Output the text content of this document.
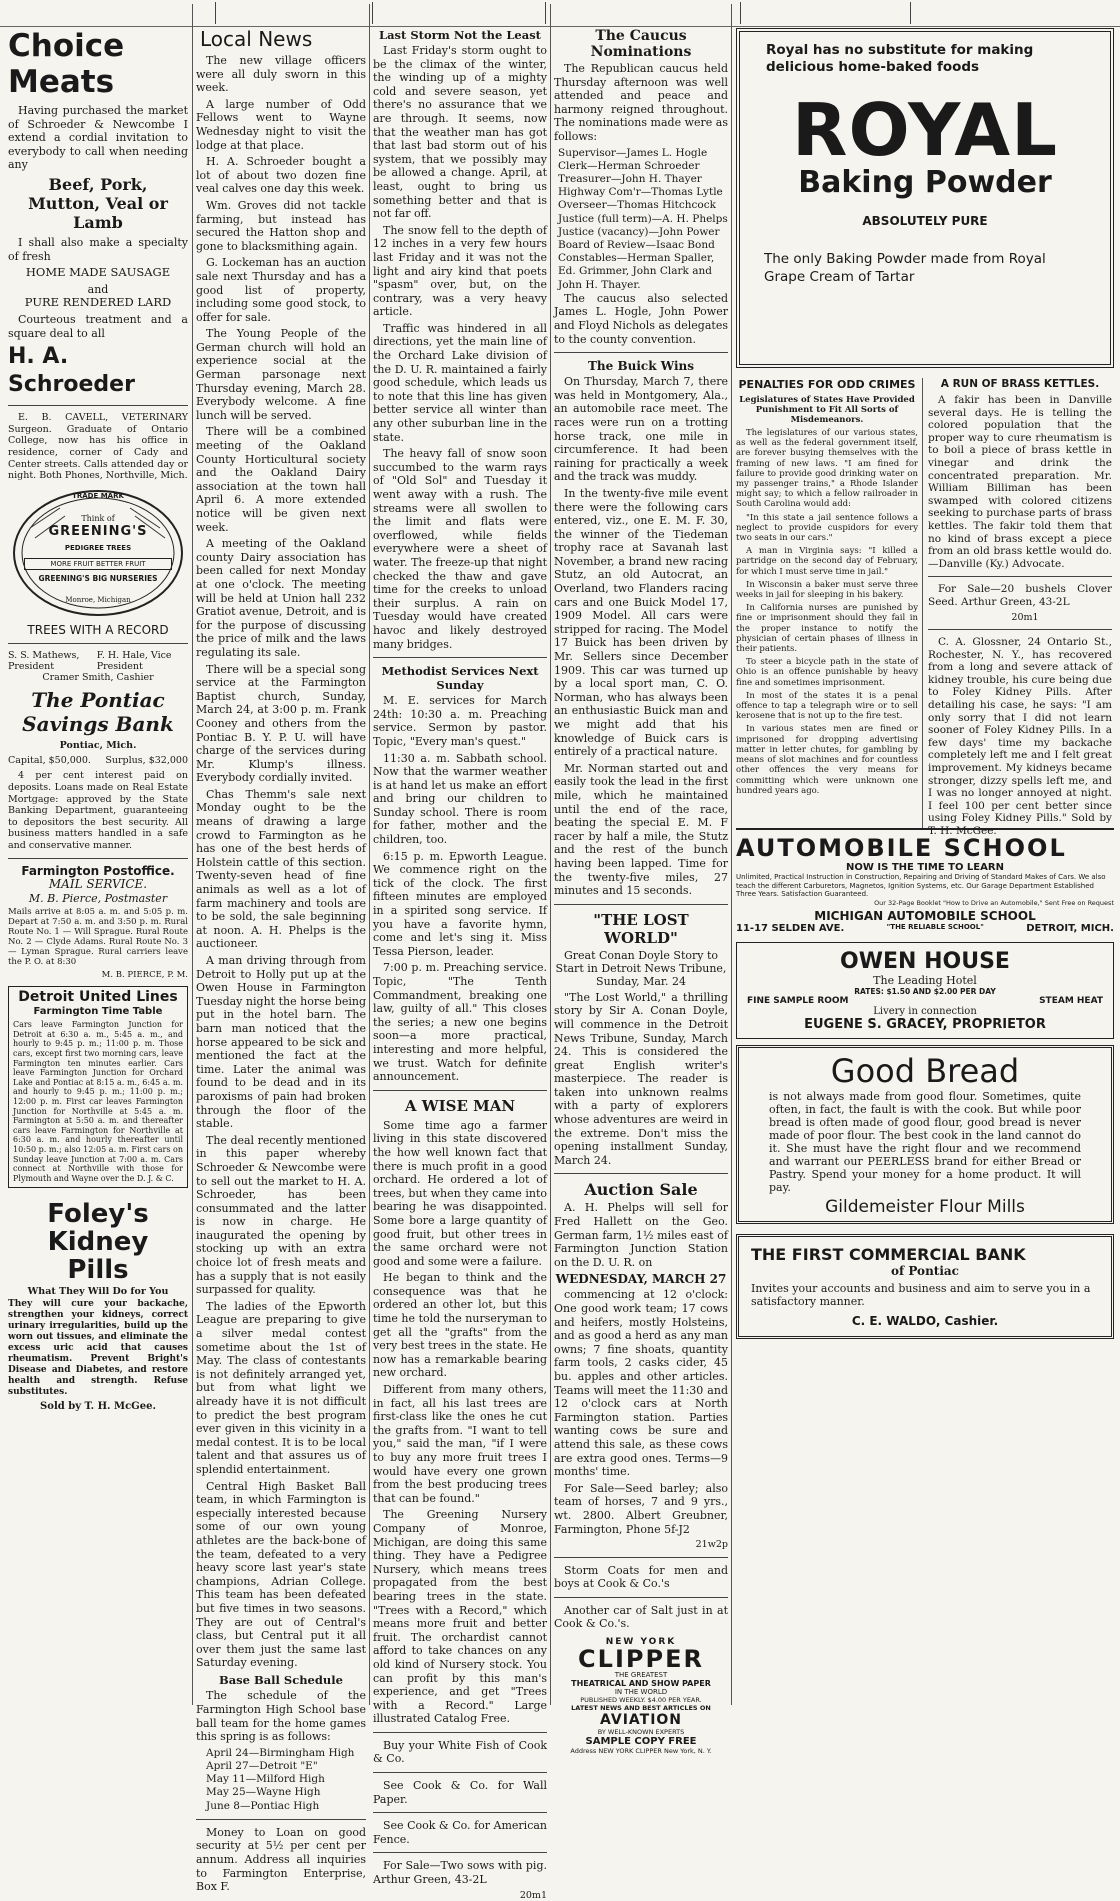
Choice Meats

Having purchased the market of Schroeder & Newcombe I extend a cordial invitation to everybody to call when needing any

Beef, Pork, Mutton, Veal or Lamb

I shall also make a specialty of fresh

HOME MADE SAUSAGE

and

PURE RENDERED LARD

Courteous treatment and a square deal to all

H. A. Schroeder

E. B. CAVELL, VETERINARY Surgeon. Graduate of Ontario College, now has his office in residence, corner of Cady and Center streets. Calls attended day or night. Both Phones, Northville, Mich.

TRADE MARK
Think of
GREENING'S
PEDIGREE TREES
MORE FRUIT BETTER FRUIT
GREENING'S BIG NURSERIES
Monroe, Michigan

TREES WITH A RECORD

S. S. Mathews, President
F. H. Hale, Vice President
Cramer Smith, Cashier
The Pontiac Savings Bank
Pontiac, Mich.
Capital, $50,000. Surplus, $32,000

4 per cent interest paid on deposits. Loans made on Real Estate Mortgage: approved by the State Banking Department, guaranteeing to depositors the best security. All business matters handled in a safe and conservative manner.

Farmington Postoffice.

MAIL SERVICE.

M. B. Pierce, Postmaster

Mails arrive at 8:05 a. m. and 5:05 p. m. Depart at 7:50 a. m. and 3:50 p. m. Rural Route No. 1 — Will Sprague. Rural Route No. 2 — Clyde Adams. Rural Route No. 3 — Lyman Sprague. Rural carriers leave the P. O. at 8:30

M. B. PIERCE, P. M.

Detroit United Lines

Farmington Time Table

Cars leave Farmington Junction for Detroit at 6:30 a. m., 5:45 a. m., and hourly to 9:45 p. m.; 11:00 p. m. Those cars, except first two morning cars, leave Farmington ten minutes earlier. Cars leave Farmington Junction for Orchard Lake and Pontiac at 8:15 a. m., 6:45 a. m. and hourly to 9:45 p. m.; 11:00 p. m.; 12:00 p. m. First car leaves Farmington Junction for Northville at 5:45 a. m. Farmington at 5:50 a. m. and thereafter cars leave Farmington for Northville at 6:30 a. m. and hourly thereafter until 10:50 p. m.; also 12:05 a. m. First cars on Sunday leave Junction at 7:00 a. m. Cars connect at Northville with those for Plymouth and Wayne over the D. J. & C.

Foley's
Kidney
Pills
What They Will Do for You

They will cure your backache, strengthen your kidneys, correct urinary irregularities, build up the worn out tissues, and eliminate the excess uric acid that causes rheumatism. Prevent Bright's Disease and Diabetes, and restore health and strength. Refuse substitutes.

Sold by T. H. McGee.
Local News

The new village officers were all duly sworn in this week.

A large number of Odd Fellows went to Wayne Wednesday night to visit the lodge at that place.

H. A. Schroeder bought a lot of about two dozen fine veal calves one day this week.

Wm. Groves did not tackle farming, but instead has secured the Hatton shop and gone to blacksmithing again.

G. Lockeman has an auction sale next Thursday and has a good list of property, including some good stock, to offer for sale.

The Young People of the German church will hold an experience social at the German parsonage next Thursday evening, March 28. Everybody welcome. A fine lunch will be served.

There will be a combined meeting of the Oakland County Horticultural society and the Oakland Dairy association at the town hall April 6. A more extended notice will be given next week.

A meeting of the Oakland county Dairy association has been called for next Monday at one o'clock. The meeting will be held at Union hall 232 Gratiot avenue, Detroit, and is for the purpose of discussing the price of milk and the laws regulating its sale.

There will be a special song service at the Farmington Baptist church, Sunday, March 24, at 3:00 p. m. Frank Cooney and others from the Pontiac B. Y. P. U. will have charge of the services during Mr. Klump's illness. Everybody cordially invited.

Chas Themm's sale next Monday ought to be the means of drawing a large crowd to Farmington as he has one of the best herds of Holstein cattle of this section. Twenty-seven head of fine animals as well as a lot of farm machinery and tools are to be sold, the sale beginning at noon. A. H. Phelps is the auctioneer.

A man driving through from Detroit to Holly put up at the Owen House in Farmington Tuesday night the horse being put in the hotel barn. The barn man noticed that the horse appeared to be sick and mentioned the fact at the time. Later the animal was found to be dead and in its paroxisms of pain had broken through the floor of the stable.

The deal recently mentioned in this paper whereby Schroeder & Newcombe were to sell out the market to H. A. Schroeder, has been consummated and the latter is now in charge. He inaugurated the opening by stocking up with an extra choice lot of fresh meats and has a supply that is not easily surpassed for quality.

The ladies of the Epworth League are preparing to give a silver medal contest sometime about the 1st of May. The class of contestants is not definitely arranged yet, but from what light we already have it is not difficult to predict the best program ever given in this vicinity in a medal contest. It is to be local talent and that assures us of splendid entertainment.

Central High Basket Ball team, in which Farmington is especially interested because some of our own young athletes are the back-bone of the team, defeated to a very heavy score last year's state champions, Adrian College. This team has been defeated but five times in two seasons. They are out of Central's class, but Central put it all over them just the same last Saturday evening.

Base Ball Schedule

The schedule of the Farmington High School base ball team for the home games this spring is as follows:

April 24—Birmingham High
April 27—Detroit "E"
May 11—Milford High
May 25—Wayne High
June 8—Pontiac High

Money to Loan on good security at 5½ per cent per annum. Address all inquiries to Farmington Enterprise, Box F.

Last Storm Not the Least

Last Friday's storm ought to be the climax of the winter, the winding up of a mighty cold and severe season, yet there's no assurance that we are through. It seems, now that the weather man has got that last bad storm out of his system, that we possibly may be allowed a change. April, at least, ought to bring us something better and that is not far off.

The snow fell to the depth of 12 inches in a very few hours last Friday and it was not the light and airy kind that poets "spasm" over, but, on the contrary, was a very heavy article.

Traffic was hindered in all directions, yet the main line of the Orchard Lake division of the D. U. R. maintained a fairly good schedule, which leads us to note that this line has given better service all winter than any other suburban line in the state.

The heavy fall of snow soon succumbed to the warm rays of "Old Sol" and Tuesday it went away with a rush. The streams were all swollen to the limit and flats were overflowed, while fields everywhere were a sheet of water. The freeze-up that night checked the thaw and gave time for the creeks to unload their surplus. A rain on Tuesday would have created havoc and likely destroyed many bridges.

Methodist Services Next Sunday

M. E. services for March 24th: 10:30 a. m. Preaching service. Sermon by pastor. Topic, "Every man's quest."

11:30 a. m. Sabbath school. Now that the warmer weather is at hand let us make an effort and bring our children to Sunday school. There is room for father, mother and the children, too.

6:15 p. m. Epworth League. We commence right on the tick of the clock. The first fifteen minutes are employed in a spirited song service. If you have a favorite hymn, come and let's sing it. Miss Tessa Pierson, leader.

7:00 p. m. Preaching service. Topic, "The Tenth Commandment, breaking one law, guilty of all." This closes the series; a new one begins soon—a more practical, interesting and more helpful, we trust. Watch for definite announcement.

A WISE MAN

Some time ago a farmer living in this state discovered the how well known fact that there is much profit in a good orchard. He ordered a lot of trees, but when they came into bearing he was disappointed. Some bore a large quantity of good fruit, but other trees in the same orchard were not good and some were a failure.

He began to think and the consequence was that he ordered an other lot, but this time he told the nurseryman to get all the "grafts" from the very best trees in the state. He now has a remarkable bearing new orchard.

Different from many others, in fact, all his last trees are first-class like the ones he cut the grafts from. "I want to tell you," said the man, "if I were to buy any more fruit trees I would have every one grown from the best producing trees that can be found."

The Greening Nursery Company of Monroe, Michigan, are doing this same thing. They have a Pedigree Nursery, which means trees propagated from the best bearing trees in the state. "Trees with a Record," which means more fruit and better fruit. The orchardist cannot afford to take chances on any old kind of Nursery stock. You can profit by this man's experience, and get "Trees with a Record." Large illustrated Catalog Free.

Buy your White Fish of Cook & Co.

See Cook & Co. for Wall Paper.

See Cook & Co. for American Fence.

For Sale—Two sows with pig. Arthur Green, 43-2L

20m1

The Caucus Nominations

The Republican caucus held Thursday afternoon was well attended and peace and harmony reigned throughout. The nominations made were as follows:

Supervisor—James L. Hogle
Clerk—Herman Schroeder
Treasurer—John H. Thayer
Highway Com'r—Thomas Lytle
Overseer—Thomas Hitchcock
Justice (full term)—A. H. Phelps
Justice (vacancy)—John Power
Board of Review—Isaac Bond
Constables—Herman Spaller, Ed. Grimmer, John Clark and John H. Thayer.

The caucus also selected James L. Hogle, John Power and Floyd Nichols as delegates to the county convention.

The Buick Wins

On Thursday, March 7, there was held in Montgomery, Ala., an automobile race meet. The races were run on a trotting horse track, one mile in circumference. It had been raining for practically a week and the track was muddy.

In the twenty-five mile event there were the following cars entered, viz., one E. M. F. 30, the winner of the Tiedeman trophy race at Savanah last November, a brand new racing Stutz, an old Autocrat, an Overland, two Flanders racing cars and one Buick Model 17, 1909 Model. All cars were stripped for racing. The Model 17 Buick has been driven by Mr. Sellers since December 1909. This car was turned up by a local sport man, C. O. Norman, who has always been an enthusiastic Buick man and we might add that his knowledge of Buick cars is entirely of a practical nature.

Mr. Norman started out and easily took the lead in the first mile, which he maintained until the end of the race, beating the special E. M. F racer by half a mile, the Stutz and the rest of the bunch having been lapped. Time for the twenty-five miles, 27 minutes and 15 seconds.

"THE LOST WORLD"

Great Conan Doyle Story to Start in Detroit News Tribune, Sunday, Mar. 24

"The Lost World," a thrilling story by Sir A. Conan Doyle, will commence in the Detroit News Tribune, Sunday, March 24. This is considered the great English writer's masterpiece. The reader is taken into unknown realms with a party of explorers whose adventures are weird in the extreme. Don't miss the opening installment Sunday, March 24.

Auction Sale

A. H. Phelps will sell for Fred Hallett on the Geo. German farm, 1½ miles east of Farmington Junction Station on the D. U. R. on

WEDNESDAY, MARCH 27

commencing at 12 o'clock: One good work team; 17 cows and heifers, mostly Holsteins, and as good a herd as any man owns; 7 fine shoats, quantity farm tools, 2 casks cider, 45 bu. apples and other articles. Teams will meet the 11:30 and 12 o'clock cars at North Farmington station. Parties wanting cows be sure and attend this sale, as these cows are extra good ones. Terms—9 months' time.

For Sale—Seed barley; also team of horses, 7 and 9 yrs., wt. 2800. Albert Greubner, Farmington, Phone 5f-J2

21w2p

Storm Coats for men and boys at Cook & Co.'s

Another car of Salt just in at Cook & Co.'s.

NEW YORK
CLIPPER
THE GREATEST
THEATRICAL AND SHOW PAPER
IN THE WORLD
PUBLISHED WEEKLY. $4.00 PER YEAR.
LATEST NEWS AND BEST ARTICLES ON
AVIATION
BY WELL-KNOWN EXPERTS
SAMPLE COPY FREE
Address NEW YORK CLIPPER New York, N. Y.
Royal has no substitute for making delicious home-baked foods
ROYAL
Baking Powder
ABSOLUTELY PURE
The only Baking Powder made from Royal Grape Cream of Tartar

PENALTIES FOR ODD CRIMES

Legislatures of States Have Provided Punishment to Fit All Sorts of Misdemeanors.

The legislatures of our various states, as well as the federal government itself, are forever busying themselves with the framing of new laws. "I am fined for failure to provide good drinking water on my passenger trains," a Rhode Islander might say; to which a fellow railroader in South Carolina would add:

"In this state a jail sentence follows a neglect to provide cuspidors for every two seats in our cars."

A man in Virginia says: "I killed a partridge on the second day of February, for which I must serve time in jail."

In Wisconsin a baker must serve three weeks in jail for sleeping in his bakery.

In California nurses are punished by fine or imprisonment should they fail in the proper instance to notify the physician of certain phases of illness in their patients.

To steer a bicycle path in the state of Ohio is an offence punishable by heavy fine and sometimes imprisonment.

In most of the states it is a penal offence to tap a telegraph wire or to sell kerosene that is not up to the fire test.

In various states men are fined or imprisoned for dropping advertising matter in letter chutes, for gambling by means of slot machines and for countless other offences the very means for committing which were unknown one hundred years ago.

A RUN OF BRASS KETTLES.

A fakir has been in Danville several days. He is telling the colored population that the proper way to cure rheumatism is to boil a piece of brass kettle in vinegar and drink the concentrated preparation. Mr. William Billiman has been swamped with colored citizens seeking to purchase parts of brass kettles. The fakir told them that no kind of brass except a piece from an old brass kettle would do.—Danville (Ky.) Advocate.

For Sale—20 bushels Clover Seed. Arthur Green, 43-2L

20m1

C. A. Glossner, 24 Ontario St., Rochester, N. Y., has recovered from a long and severe attack of kidney trouble, his cure being due to Foley Kidney Pills. After detailing his case, he says: "I am only sorry that I did not learn sooner of Foley Kidney Pills. In a few days' time my backache completely left me and I felt great improvement. My kidneys became stronger, dizzy spells left me, and I was no longer annoyed at night. I feel 100 per cent better since using Foley Kidney Pills." Sold by T. H. McGee.

AUTOMOBILE SCHOOL
NOW IS THE TIME TO LEARN
Unlimited, Practical Instruction in Construction, Repairing and Driving of Standard Makes of Cars. We also teach the different Carburetors, Magnetos, Ignition Systems, etc. Our Garage Department Established Three Years. Satisfaction Guaranteed.
Our 32-Page Booklet "How to Drive an Automobile," Sent Free on Request
MICHIGAN AUTOMOBILE SCHOOL
11-17 SELDEN AVE.	"THE RELIABLE SCHOOL"	DETROIT, MICH.
OWEN HOUSE
The Leading Hotel
RATES: $1.50 AND $2.00 PER DAY
FINE SAMPLE ROOM	STEAM HEAT
Livery in connection
EUGENE S. GRACEY, PROPRIETOR
Good Bread

is not always made from good flour. Sometimes, quite often, in fact, the fault is with the cook. But while poor bread is often made of good flour, good bread is never made of poor flour. The best cook in the land cannot do it. She must have the right flour and we recommend and warrant our PEERLESS brand for either Bread or Pastry. Spend your money for a home product. It will pay.

Gildemeister Flour Mills
THE FIRST COMMERCIAL BANK
of Pontiac
Invites your accounts and business and aim to serve you in a satisfactory manner.
C. E. WALDO, Cashier.
